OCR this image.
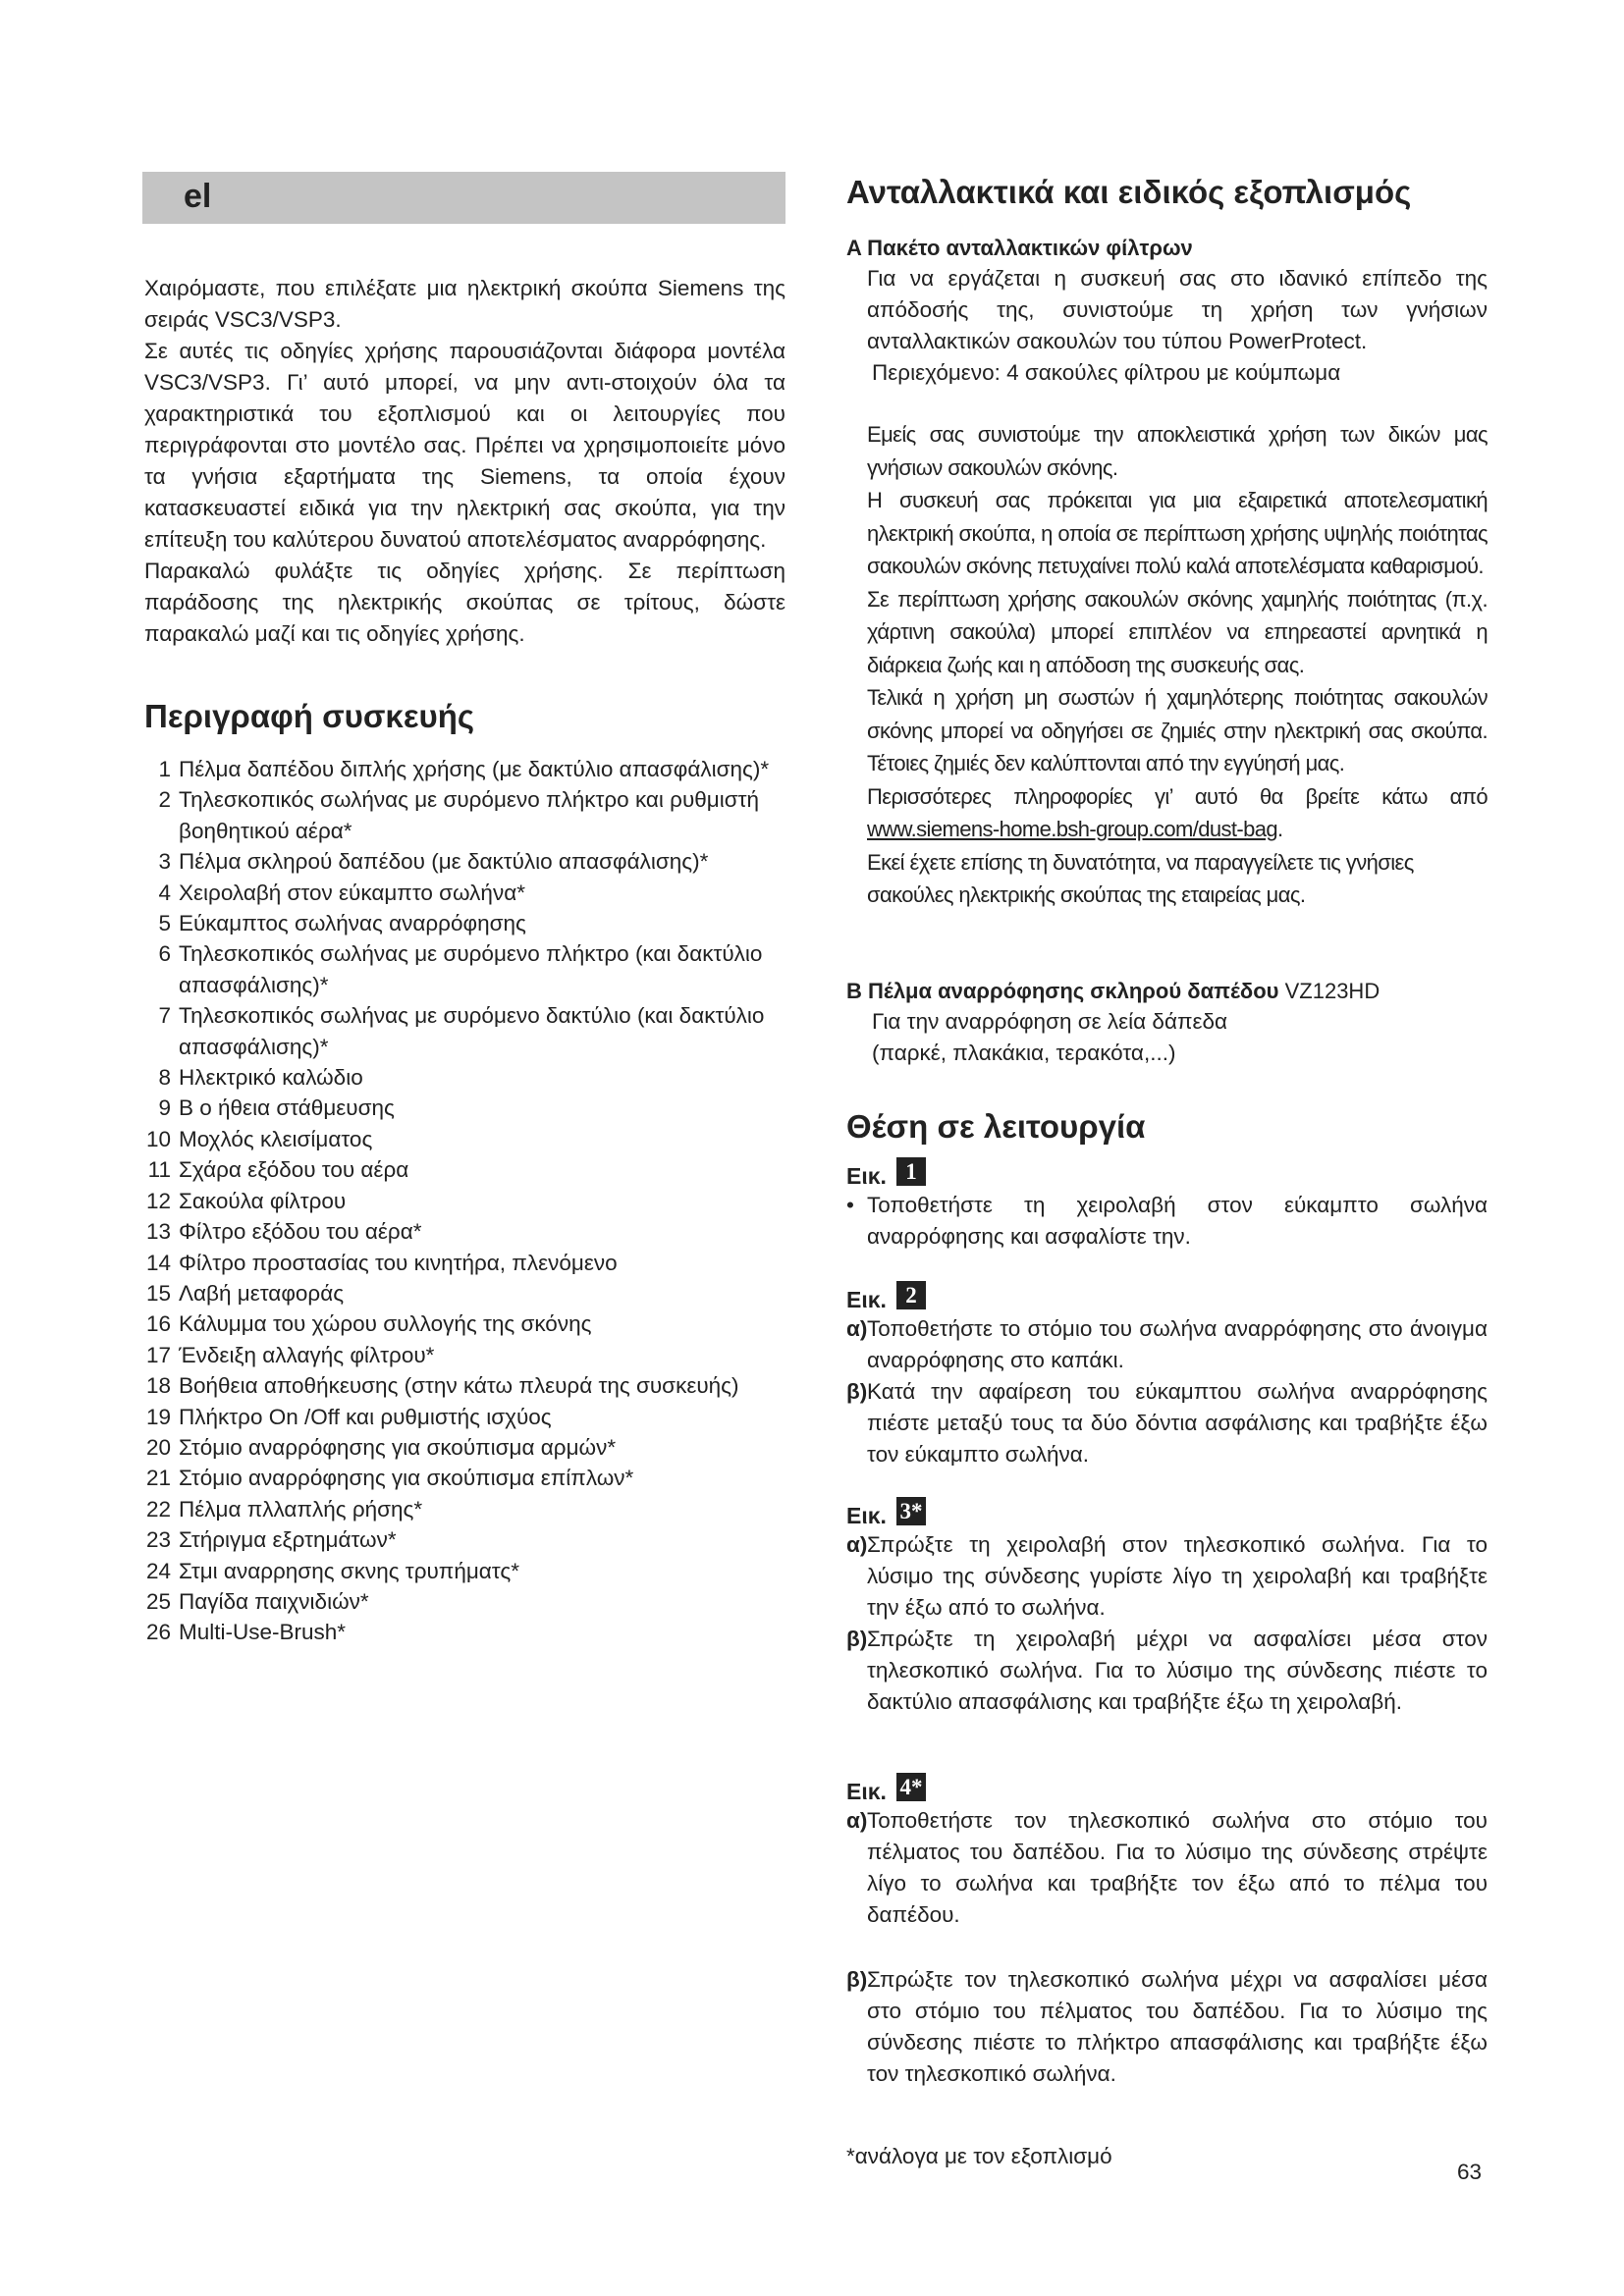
el

Χαιρόμαστε, που επιλέξατε μια ηλεκτρική σκούπα Siemens της σειράς VSC3/VSP3.

Σε αυτές τις οδηγίες χρήσης παρουσιάζονται διάφορα μοντέλα VSC3/VSP3. Γι’ αυτό μπορεί, να μην αντι-στοιχούν όλα τα χαρακτηριστικά του εξοπλισμού και οι λειτουργίες που περιγράφονται στο μοντέλο σας. Πρέπει να χρησιμοποιείτε μόνο τα γνήσια εξαρτήματα της Siemens, τα οποία έχουν κατασκευαστεί ειδικά για την ηλεκτρική σας σκούπα, για την επίτευξη του καλύτερου δυνατού αποτελέσματος αναρρόφησης.

Παρακαλώ φυλάξτε τις οδηγίες χρήσης. Σε περίπτωση παράδοσης της ηλεκτρικής σκούπας σε τρίτους, δώστε παρακαλώ μαζί και τις οδηγίες χρήσης.

Περιγραφή συσκευής
1 Πέλμα δαπέδου διπλής χρήσης (με δακτύλιο απασφάλισης)*
2 Τηλεσκοπικός σωλήνας με συρόμενο πλήκτρο και ρυθμιστή βοηθητικού αέρα*
3 Πέλμα σκληρού δαπέδου (με δακτύλιο απασφάλισης)*
4 Χειρολαβή στον εύκαμπτο σωλήνα*
5 Εύκαμπτος σωλήνας αναρρόφησης
6 Τηλεσκοπικός σωλήνας με συρόμενο πλήκτρο (και δακτύλιο απασφάλισης)*
7 Τηλεσκοπικός σωλήνας με συρόμενο δακτύλιο (και δακτύλιο απασφάλισης)*
8 Ηλεκτρικό καλώδιο
9 Β ο ήθεια στάθμευσης
10 Μοχλός κλεισίματος
11 Σχάρα εξόδου του αέρα
12 Σακούλα φίλτρου
13 Φίλτρο εξόδου του αέρα*
14 Φίλτρο προστασίας του κινητήρα, πλενόμενο
15 Λαβή μεταφοράς
16 Κάλυμμα του χώρου συλλογής της σκόνης
17 Ένδειξη αλλαγής φίλτρου*
18 Βοήθεια αποθήκευσης (στην κάτω πλευρά της συσκευής)
19 Πλήκτρο On /Off και ρυθμιστής ισχύος
20 Στόμιο αναρρόφησης για σκούπισμα αρμών*
21 Στόμιο αναρρόφησης για σκούπισμα επίπλων*
22 Πέλμα πλλαπλής ρήσης*
23 Στήριγμα εξρτημάτων*
24 Στμι αναρρησης σκνης τρυπήματς*
25 Παγίδα παιχνιδιών*
26 Multi-Use-Brush*
Ανταλλακτικά και ειδικός εξοπλισμός

A Πακέτο ανταλλακτικών φίλτρων

Για να εργάζεται η συσκευή σας στο ιδανικό επίπεδο της απόδοσής της, συνιστούμε τη χρήση των γνήσιων ανταλλακτικών σακουλών του τύπου PowerProtect.

Περιεχόμενο: 4 σακούλες φίλτρου με κούμπωμα

Εμείς σας συνιστούμε την αποκλειστικά χρήση των δικών μας γνήσιων σακουλών σκόνης.

Η συσκευή σας πρόκειται για μια εξαιρετικά αποτελεσματική ηλεκτρική σκούπα, η οποία σε περίπτωση χρήσης υψηλής ποιότητας σακουλών σκόνης πετυχαίνει πολύ καλά αποτελέσματα καθαρισμού.

Σε περίπτωση χρήσης σακουλών σκόνης χαμηλής ποιότητας (π.χ. χάρτινη σακούλα) μπορεί επιπλέον να επηρεαστεί αρνητικά η διάρκεια ζωής και η απόδοση της συσκευής σας.

Τελικά η χρήση μη σωστών ή χαμηλότερης ποιότητας σακουλών σκόνης μπορεί να οδηγήσει σε ζημιές στην ηλεκτρική σας σκούπα. Τέτοιες ζημιές δεν καλύπτονται από την εγγύησή μας.

Περισσότερες πληροφορίες γι’ αυτό θα βρείτε κάτω από www.siemens-home.bsh-group.com/dust-bag.

Εκεί έχετε επίσης τη δυνατότητα, να παραγγείλετε τις γνήσιες σακούλες ηλεκτρικής σκούπας της εταιρείας μας.

B Πέλμα αναρρόφησης σκληρού δαπέδου VZ123HD

Για την αναρρόφηση σε λεία δάπεδα

(παρκέ, πλακάκια, τερακότα,...)

Θέση σε λειτουργία
Εικ. 1
• Τοποθετήστε τη χειρολαβή στον εύκαμπτο σωλήνα αναρρόφησης και ασφαλίστε την.
Εικ. 2
α) Τοποθετήστε το στόμιο του σωλήνα αναρρόφησης στο άνοιγμα αναρρόφησης στο καπάκι.
β) Κατά την αφαίρεση του εύκαμπτου σωλήνα αναρρόφησης πιέστε μεταξύ τους τα δύο δόντια ασφάλισης και τραβήξτε έξω τον εύκαμπτο σωλήνα.
Εικ. 3*
α) Σπρώξτε τη χειρολαβή στον τηλεσκοπικό σωλήνα. Για το λύσιμο της σύνδεσης γυρίστε λίγο τη χειρολαβή και τραβήξτε την έξω από το σωλήνα.
β) Σπρώξτε τη χειρολαβή μέχρι να ασφαλίσει μέσα στον τηλεσκοπικό σωλήνα. Για το λύσιμο της σύνδεσης πιέστε το δακτύλιο απασφάλισης και τραβήξτε έξω τη χειρολαβή.
Εικ. 4*
α) Τοποθετήστε τον τηλεσκοπικό σωλήνα στο στόμιο του πέλματος του δαπέδου. Για το λύσιμο της σύνδεσης στρέψτε λίγο το σωλήνα και τραβήξτε τον έξω από το πέλμα του δαπέδου.
β) Σπρώξτε τον τηλεσκοπικό σωλήνα μέχρι να ασφαλίσει μέσα στο στόμιο του πέλματος του δαπέδου. Για το λύσιμο της σύνδεσης πιέστε το πλήκτρο απασφάλισης και τραβήξτε έξω τον τηλεσκοπικό σωλήνα.
*ανάλογα με τον εξοπλισμό
63
